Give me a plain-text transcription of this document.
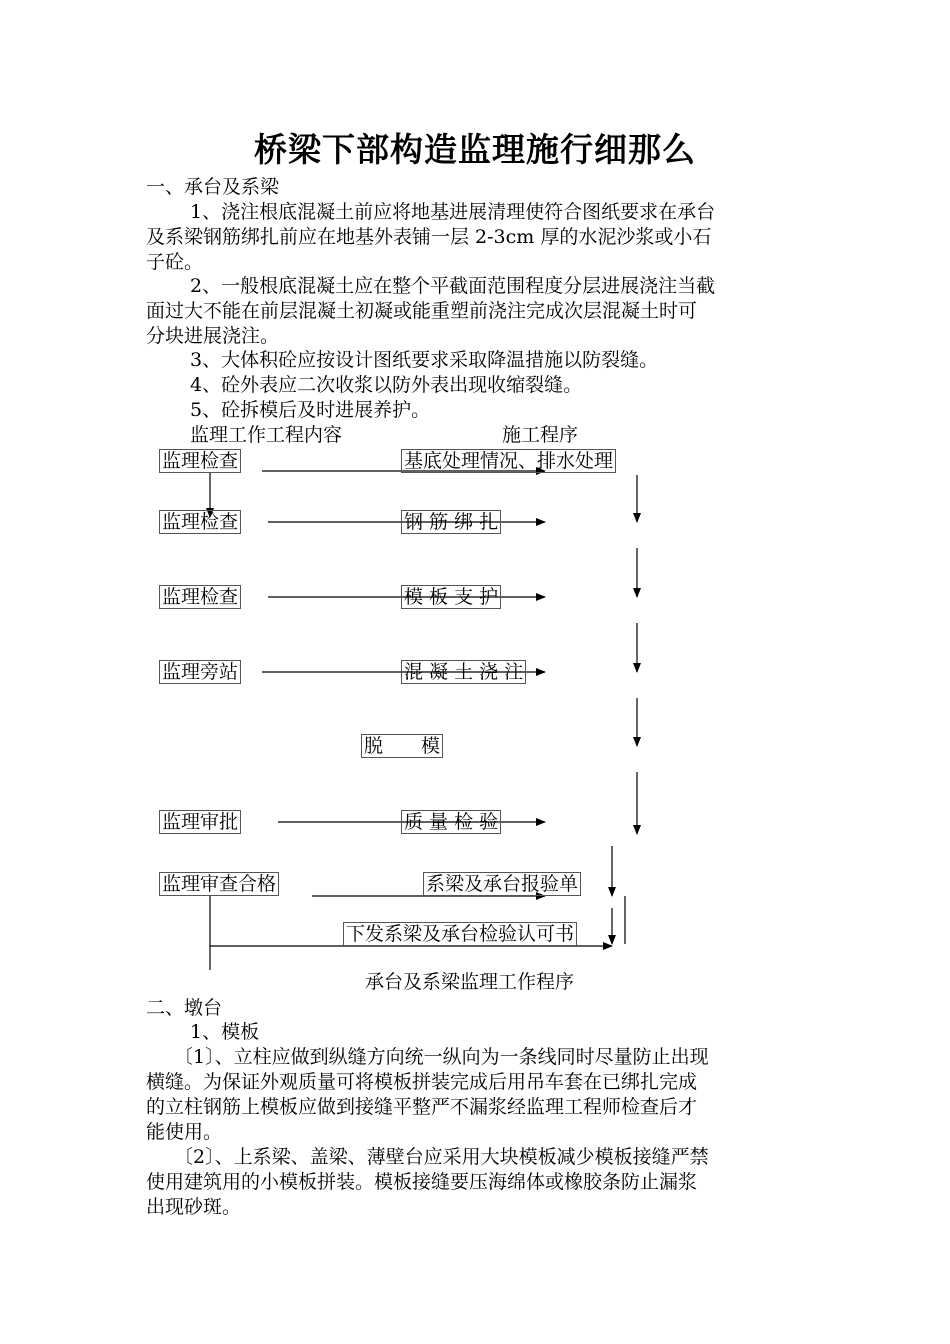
桥梁下部构造监理施行细那么
一、承台及系梁
1、浇注根底混凝土前应将地基进展清理使符合图纸要求在承台
及系梁钢筋绑扎前应在地基外表铺一层 2-3cm 厚的水泥沙浆或小石
子砼。
2、一般根底混凝土应在整个平截面范围程度分层进展浇注当截
面过大不能在前层混凝土初凝或能重塑前浇注完成次层混凝土时可
分块进展浇注。
3、大体积砼应按设计图纸要求采取降温措施以防裂缝。
4、砼外表应二次收浆以防外表出现收缩裂缝。
5、砼拆模后及时进展养护。
监理工作工程内容	施工程序
监理检查
监理检查
监理检查
监理旁站
监理审批
监理审查合格
基底处理情况、排水处理
钢 筋 绑 扎
模 板 支 护
混 凝 土 浇 注
脱　　模
质 量 检 验
系梁及承台报验单
下发系梁及承台检验认可书
承台及系梁监理工作程序
二、墩台
1、模板
〔1〕、立柱应做到纵缝方向统一纵向为一条线同时尽量防止出现
横缝。为保证外观质量可将模板拼装完成后用吊车套在已绑扎完成
的立柱钢筋上模板应做到接缝平整严不漏浆经监理工程师检查后才
能使用。
〔2〕、上系梁、盖梁、薄壁台应采用大块模板减少模板接缝严禁
使用建筑用的小模板拼装。模板接缝要压海绵体或橡胶条防止漏浆
出现砂斑。
